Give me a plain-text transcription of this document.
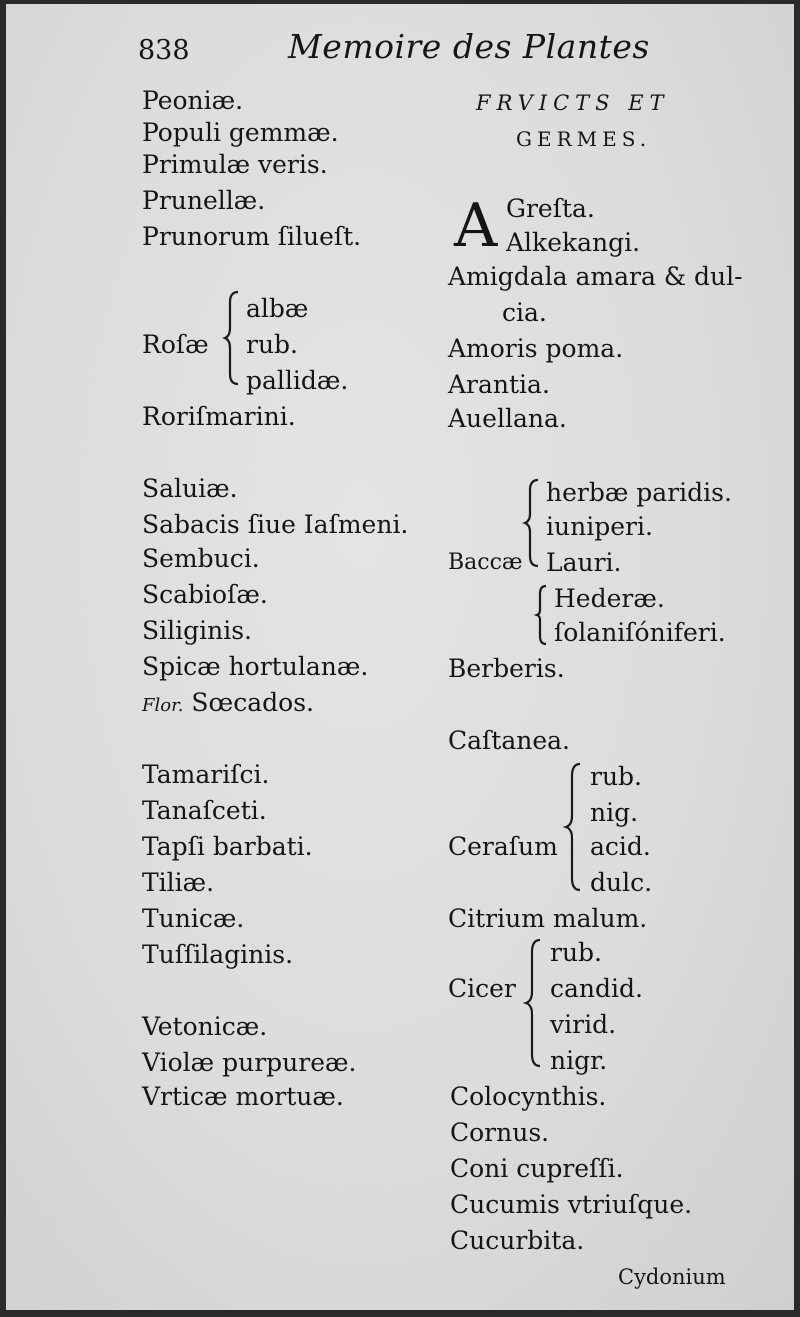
838	Memoire des Plantes
Peoniæ.
Populi gemmæ.
Primulæ veris.
Prunellæ.
Prunorum ſilueſt.
Roſæ
albæ
rub.
pallidæ.
Roriſmarini.
Saluiæ.
Sabacis ſiue Iaſmeni.
Sembuci.
Scabioſæ.
Siliginis.
Spicæ hortulanæ.
Flor. Sœcados.
Tamariſci.
Tanaſceti.
Tapſi barbati.
Tiliæ.
Tunicæ.
Tuſſilaginis.
Vetonicæ.
Violæ purpureæ.
Vrticæ mortuæ.
FRVICTS ET
GERMES.
A Greſta.
Alkekangi.
Amigdala amara & dul-
cia.
Amoris poma.
Arantia.
Auellana.
Baccæ
herbæ paridis.
iuniperi.
Lauri.
Hederæ.
ſolaniſóniferi.
Berberis.
Caſtanea.
Ceraſum
rub.
nig.
acid.
dulc.
Citrium malum.
Cicer
rub.
candid.
virid.
nigr.
Colocynthis.
Cornus.
Coni cupreſſi.
Cucumis vtriuſque.
Cucurbita.
Cydonium
